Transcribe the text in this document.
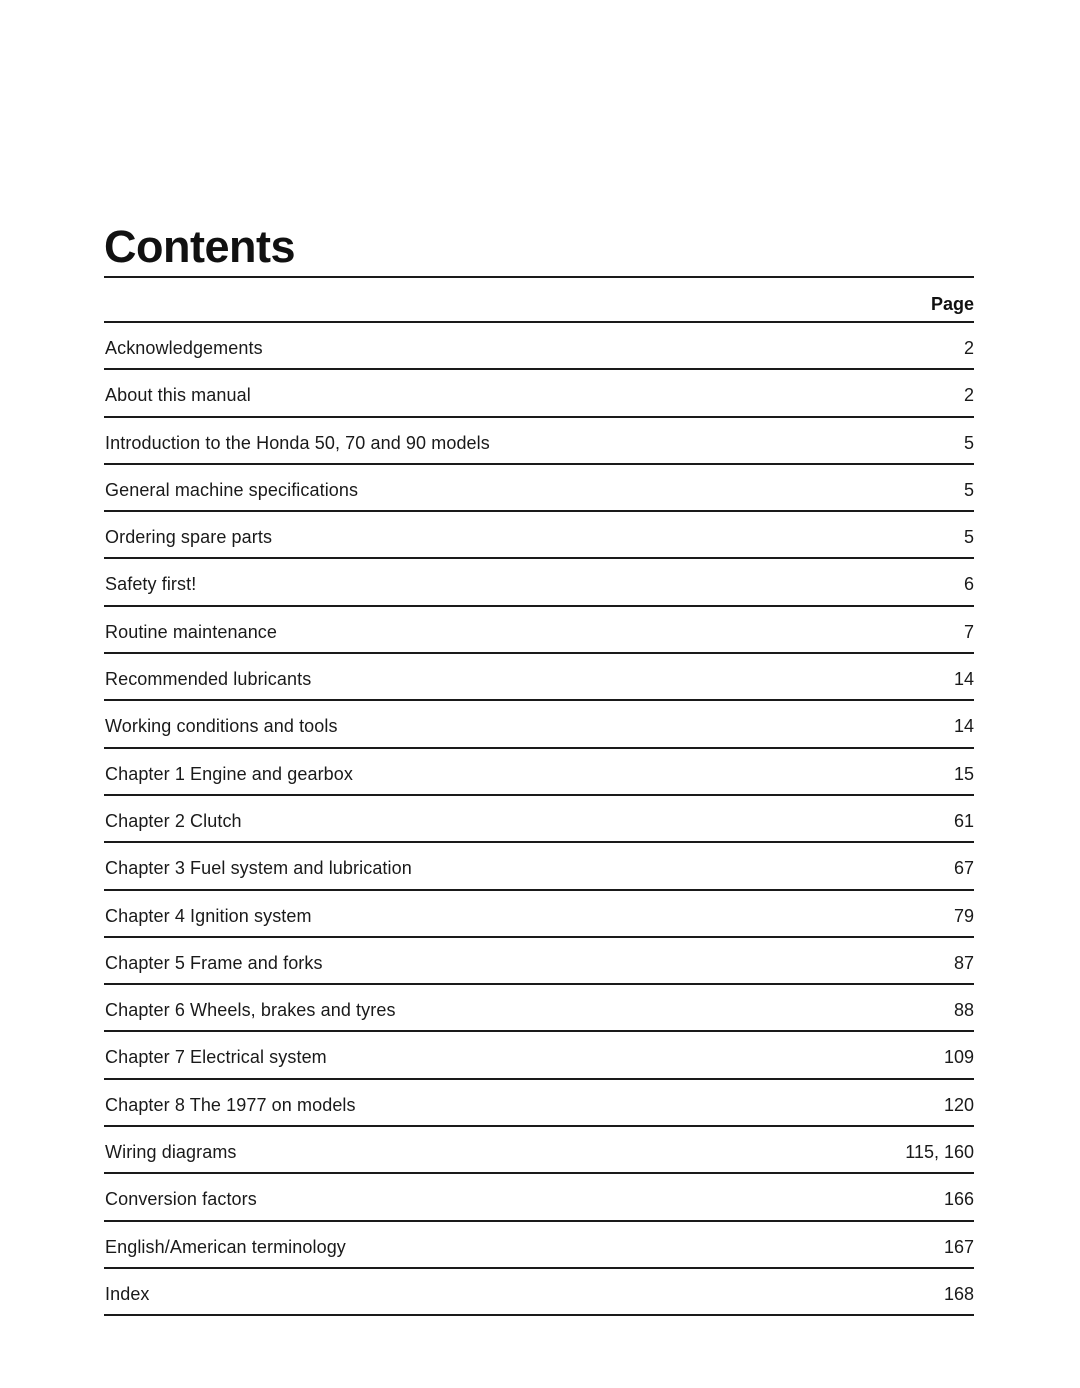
Contents
Page
Acknowledgements	2
About this manual	2
Introduction to the Honda 50, 70 and 90 models	5
General machine specifications	5
Ordering spare parts	5
Safety first!	6
Routine maintenance	7
Recommended lubricants	14
Working conditions and tools	14
Chapter 1 Engine and gearbox	15
Chapter 2 Clutch	61
Chapter 3 Fuel system and lubrication	67
Chapter 4 Ignition system	79
Chapter 5 Frame and forks	87
Chapter 6 Wheels, brakes and tyres	88
Chapter 7 Electrical system	109
Chapter 8 The 1977 on models	120
Wiring diagrams	115, 160
Conversion factors	166
English/American terminology	167
Index	168
